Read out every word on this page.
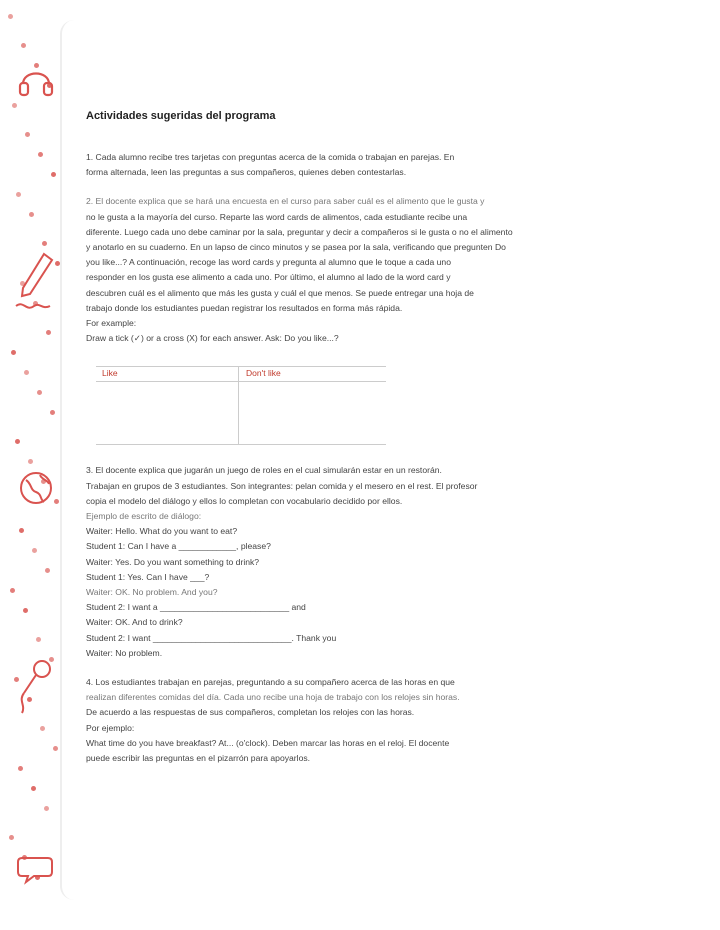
Actividades sugeridas del programa
1. Cada alumno recibe tres tarjetas con preguntas acerca de la comida o trabajan en parejas. En
forma alternada, leen las preguntas a sus compañeros, quienes deben contestarlas.
2. El docente explica que se hará una encuesta en el curso para saber cuál es el alimento que le gusta y
no le gusta a la mayoría del curso. Reparte las word cards de alimentos, cada estudiante recibe una
diferente. Luego cada uno debe caminar por la sala, preguntar y decir a compañeros si le gusta o no el alimento
y anotarlo en su cuaderno. En un lapso de cinco minutos y se pasea por la sala, verificando que pregunten Do
you like...? A continuación, recoge las word cards y pregunta al alumno que le toque a cada uno
responder en los gusta ese alimento a cada uno. Por último, el alumno al lado de la word card y
descubren cuál es el alimento que más les gusta y cuál el que menos. Se puede entregar una hoja de
trabajo donde los estudiantes puedan registrar los resultados en forma más rápida.
For example:
Draw a tick (✓) or a cross (X) for each answer. Ask: Do you like...?
Like	Don't like
3. El docente explica que jugarán un juego de roles en el cual simularán estar en un restorán.
Trabajan en grupos de 3 estudiantes. Son integrantes: pelan comida y el mesero en el rest. El profesor
copia el modelo del diálogo y ellos lo completan con vocabulario decidido por ellos.
Ejemplo de escrito de diálogo:
Waiter: Hello. What do you want to eat?
Student 1: Can I have a ____________, please?
Waiter: Yes. Do you want something to drink?
Student 1: Yes. Can I have ___?
Waiter: OK. No problem. And you?
Student 2: I want a ___________________________ and
Waiter: OK. And to drink?
Student 2: I want _____________________________. Thank you
Waiter: No problem.
4. Los estudiantes trabajan en parejas, preguntando a su compañero acerca de las horas en que
realizan diferentes comidas del día. Cada uno recibe una hoja de trabajo con los relojes sin horas.
De acuerdo a las respuestas de sus compañeros, completan los relojes con las horas.
Por ejemplo:
What time do you have breakfast? At... (o'clock). Deben marcar las horas en el reloj. El docente
puede escribir las preguntas en el pizarrón para apoyarlos.
